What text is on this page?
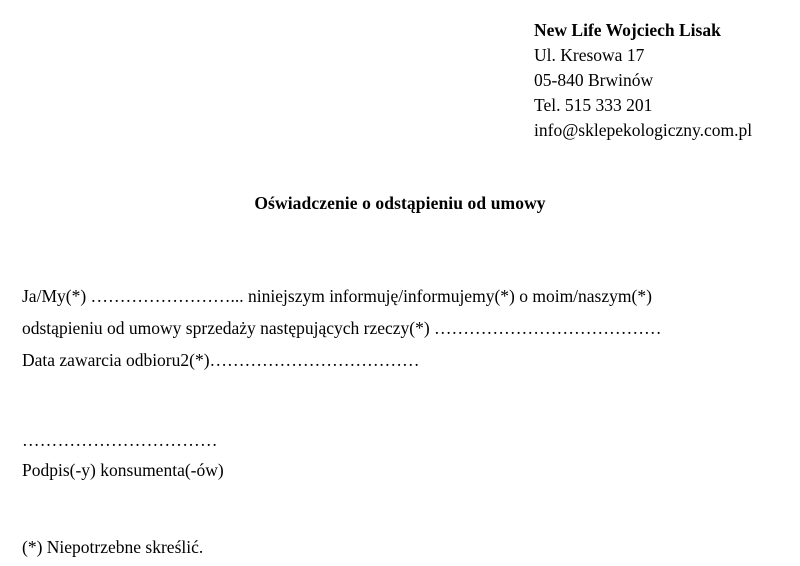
New Life Wojciech Lisak
Ul. Kresowa 17
05-840 Brwinów
Tel. 515 333 201
info@sklepekologiczny.com.pl
Oświadczenie o odstąpieniu od umowy
Ja/My(*) ……………………... niniejszym informuję/informujemy(*) o moim/naszym(*)
odstąpieniu od umowy sprzedaży następujących rzeczy(*) …………………………………
Data zawarcia odbioru2(*)………………………………
……………………………
Podpis(-y) konsumenta(-ów)
(*) Niepotrzebne skreślić.
